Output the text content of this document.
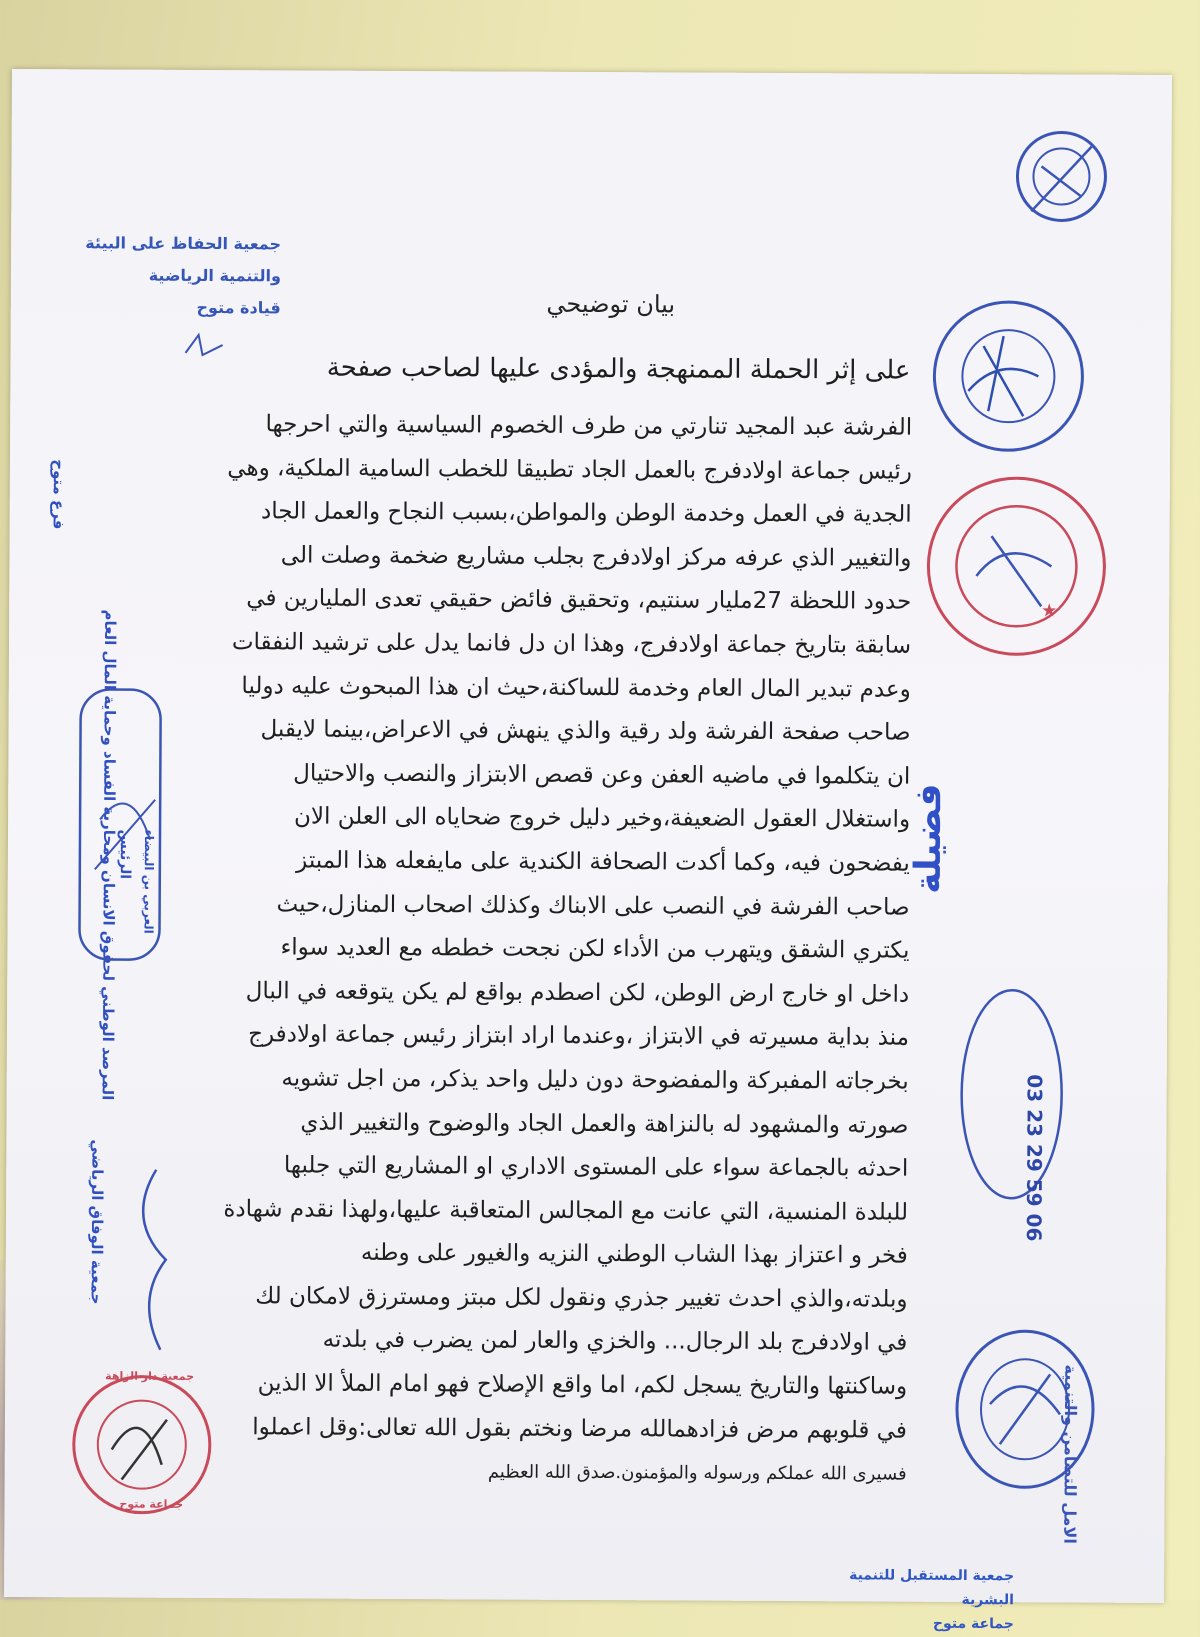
جمعية الحفاظ على البيئة
والتنمية الرياضية
قيادة متوح	بيان توضيحي
على إثر الحملة الممنهجة والمؤدى عليها لصاحب صفحة
الفرشة عبد المجيد تنارتي من طرف الخصوم السياسية والتي احرجها
رئيس جماعة اولادفرج بالعمل الجاد تطبيقا للخطب السامية الملكية، وهي
الجدية في العمل وخدمة الوطن والمواطن،بسبب النجاح والعمل الجاد
والتغيير الذي عرفه مركز اولادفرج بجلب مشاريع ضخمة وصلت الى
حدود اللحظة 27مليار سنتيم، وتحقيق فائض حقيقي تعدى المليارين في
سابقة بتاريخ جماعة اولادفرج، وهذا ان دل فانما يدل على ترشيد النفقات
وعدم تبدير المال العام وخدمة للساكنة،حيث ان هذا المبحوث عليه دوليا
صاحب صفحة الفرشة ولد رقية والذي ينهش في الاعراض،بينما لايقبل
ان يتكلموا في ماضيه العفن وعن قصص الابتزاز والنصب والاحتيال
واستغلال العقول الضعيفة،وخير دليل خروج ضحاياه الى العلن الان
يفضحون فيه، وكما أكدت الصحافة الكندية على مايفعله هذا المبتز
صاحب الفرشة في النصب على الابناك وكذلك اصحاب المنازل،حيث
يكتري الشقق ويتهرب من الأداء لكن نجحت خططه مع العديد سواء
داخل او خارج ارض الوطن، لكن اصطدم بواقع لم يكن يتوقعه في البال
منذ بداية مسيرته في الابتزاز ،وعندما اراد ابتزاز رئيس جماعة اولادفرج
بخرجاته المفبركة والمفضوحة دون دليل واحد يذكر، من اجل تشويه
صورته والمشهود له بالنزاهة والعمل الجاد والوضوح والتغيير الذي
احدثه بالجماعة سواء على المستوى الاداري او المشاريع التي جلبها
للبلدة المنسية، التي عانت مع المجالس المتعاقبة عليها،ولهذا نقدم شهادة
فخر و اعتزاز بهذا الشاب الوطني النزيه والغيور على وطنه
وبلدته،والذي احدث تغيير جذري ونقول لكل مبتز ومسترزق لامكان لك
في اولادفرج بلد الرجال... والخزي والعار لمن يضرب في بلدته
وساكنتها والتاريخ يسجل لكم، اما واقع الإصلاح فهو امام الملأ الا الذين
في قلوبهم مرض فزادهمالله مرضا ونختم بقول الله تعالى:وقل اعملوا
فسيرى الله عملكم ورسوله والمؤمنون.صدق الله العظيم
★
فضيلة
06 59 29 23 03
الامل للتضامن والتنمية
المرصد الوطني لحقوق الانسان ومحاربة الفساد وحماية المال العام
فرع متوح
الرئيس العربي بن البيضاء
جمعية الوفاق الرياضي
جمعية دار الزاهة
جماعة متوح
جمعية المستقبل للتنمية
البشرية
جماعة متوح
